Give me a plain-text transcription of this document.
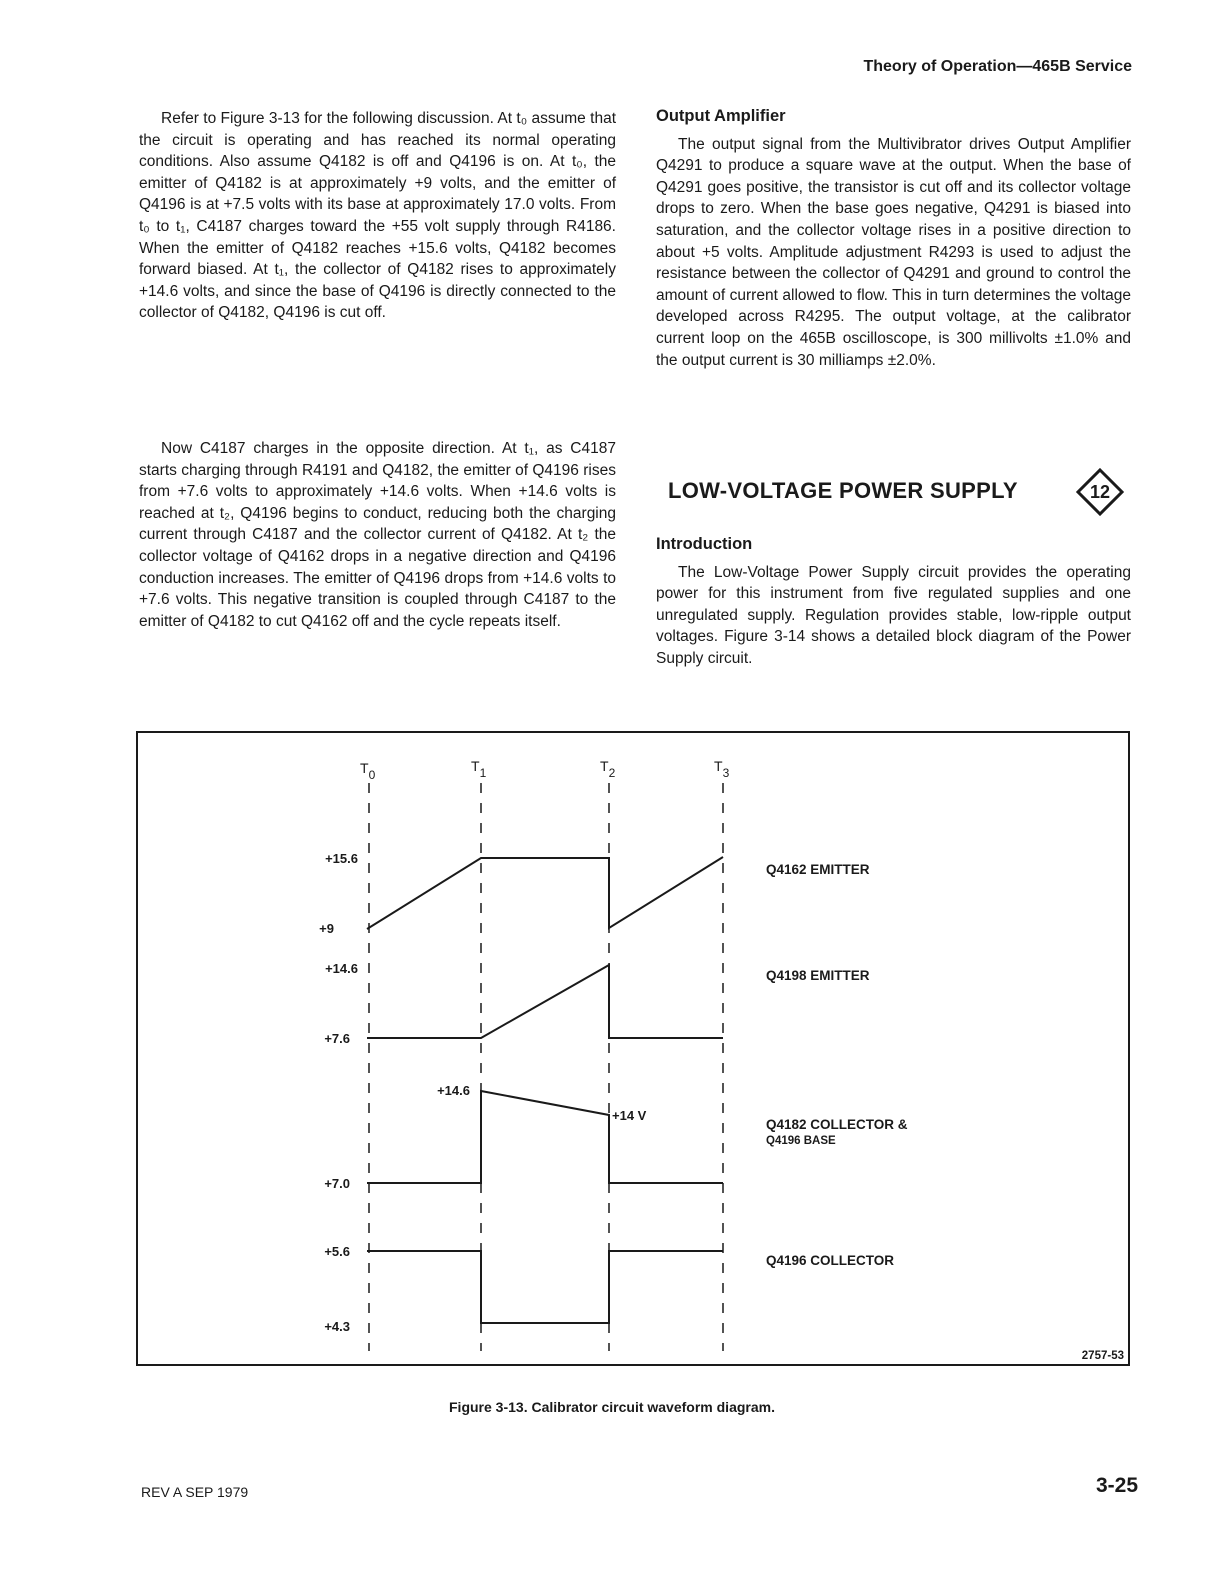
Theory of Operation—465B Service

Refer to Figure 3-13 for the following discussion. At t₀ assume that the circuit is operating and has reached its normal operating conditions. Also assume Q4182 is off and Q4196 is on. At t₀, the emitter of Q4182 is at approximately +9 volts, and the emitter of Q4196 is at +7.5 volts with its base at approximately 17.0 volts. From t₀ to t₁, C4187 charges toward the +55 volt supply through R4186. When the emitter of Q4182 reaches +15.6 volts, Q4182 becomes forward biased. At t₁, the collector of Q4182 rises to approximately +14.6 volts, and since the base of Q4196 is directly connected to the collector of Q4182, Q4196 is cut off.

Now C4187 charges in the opposite direction. At t₁, as C4187 starts charging through R4191 and Q4182, the emitter of Q4196 rises from +7.6 volts to approximately +14.6 volts. When +14.6 volts is reached at t₂, Q4196 begins to conduct, reducing both the charging current through C4187 and the collector current of Q4182. At t₂ the collector voltage of Q4162 drops in a negative direction and Q4196 conduction increases. The emitter of Q4196 drops from +14.6 volts to +7.6 volts. This negative transition is coupled through C4187 to the emitter of Q4182 to cut Q4162 off and the cycle repeats itself.

Output Amplifier

The output signal from the Multivibrator drives Output Amplifier Q4291 to produce a square wave at the output. When the base of Q4291 goes positive, the transistor is cut off and its collector voltage drops to zero. When the base goes negative, Q4291 is biased into saturation, and the collector voltage rises in a positive direction to about +5 volts. Amplitude adjustment R4293 is used to adjust the resistance between the collector of Q4291 and ground to control the amount of current allowed to flow. This in turn determines the voltage developed across R4295. The output voltage, at the calibrator current loop on the 465B oscilloscope, is 300 millivolts ±1.0% and the output current is 30 milliamps ±2.0%.

LOW-VOLTAGE POWER SUPPLY	12
Introduction

The Low-Voltage Power Supply circuit provides the operating power for this instrument from five regulated supplies and one unregulated supply. Regulation provides stable, low-ripple output voltages. Figure 3-14 shows a detailed block diagram of the Power Supply circuit.

T0
T1	T2	T3
+15.6
+9
+14.6
+7.6
+14.6
+7.0
+5.6
+4.3
+14 V
Q4162 EMITTER
Q4198 EMITTER
Q4182 COLLECTOR &
Q4196 BASE
Q4196 COLLECTOR
2757-53
Figure 3-13. Calibrator circuit waveform diagram.
REV A SEP 1979	3-25
